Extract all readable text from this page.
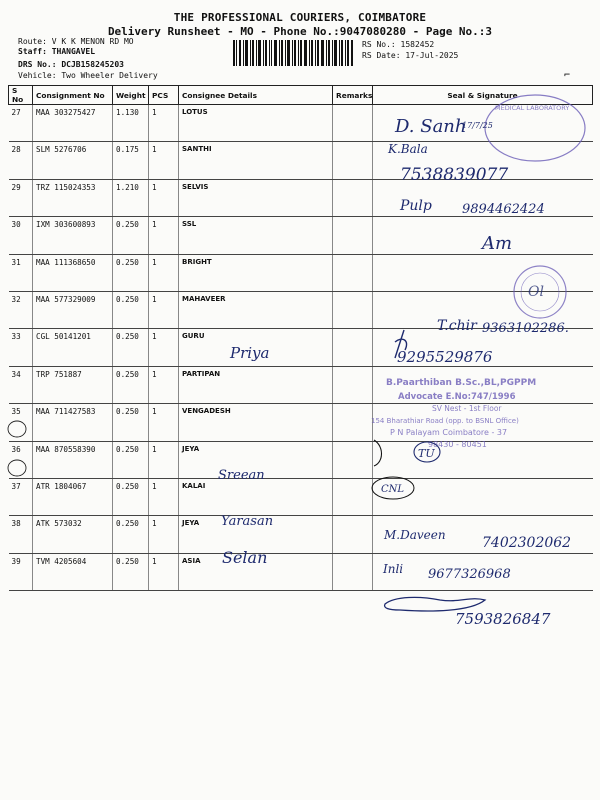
THE PROFESSIONAL COURIERS, COIMBATORE
Delivery Runsheet - MO - Phone No.:9047080280 - Page No.:3
Route: V K K MENON RD MO
Staff: THANGAVEL
DRS No.: DCJB158245203
Vehicle: Two Wheeler Delivery
RS No.: 1582452
RS Date: 17-Jul-2025
⌐
S No	Consignment No	Weight	PCS	Consignee Details	Remarks	Seal & Signature
27	MAA 303275427	1.130	1	LOTUS		
28	SLM 5276706	0.175	1	SANTHI		
29	TRZ 115024353	1.210	1	SELVIS		
30	IXM 303600893	0.250	1	SSL		
31	MAA 111368650	0.250	1	BRIGHT		
32	MAA 577329009	0.250	1	MAHAVEER		
33	CGL 50141201	0.250	1	GURU		
34	TRP 751887	0.250	1	PARTIPAN		
35	MAA 711427583	0.250	1	VENGADESH		
36	MAA 870558390	0.250	1	JEYA		
37	ATR 1804067	0.250	1	KALAI		
38	ATK 573032	0.250	1	JEYA		
39	TVM 4205604	0.250	1	ASIA		
MEDICAL LABORATORY
D. Sanh
17/7/25
K.Bala
7538839077
Pulp 9894462424
Am
Ol
T.chir 9363102286.
Priya	9295529876
B.Paarthiban B.Sc.,BL,PGPPM
Advocate E.No:747/1996
SV Nest - 1st Floor
154 Bharathiar Road (opp. to BSNL Office)
P N Palayam Coimbatore - 37
98430 - 80451
TU
Sreean
CNL
Yarasan
M.Daveen	7402302062
Selan
Inli 9677326968
7593826847
